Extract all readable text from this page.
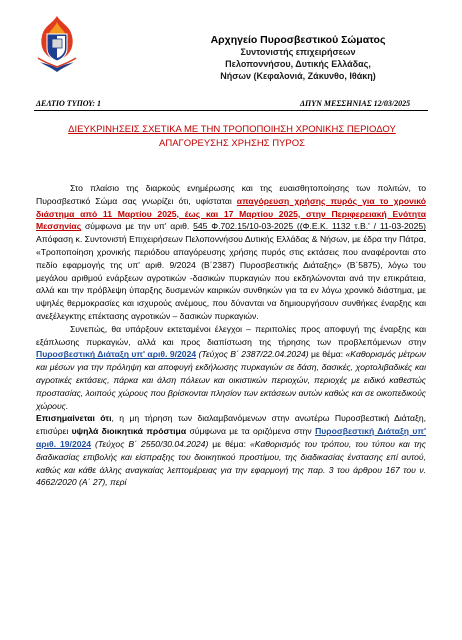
Αρχηγείο Πυροσβεστικού Σώματος
Συντονιστής επιχειρήσεων
Πελοποννήσου, Δυτικής Ελλάδας,
Νήσων (Κεφαλονιά, Ζάκυνθο, Ιθάκη)
ΔΕΛΤΙΟ ΤΥΠΟΥ: 1	ΔΠΥΝ ΜΕΣΣΗΝΙΑΣ 12/03/2025
ΔΙΕΥΚΡΙΝΗΣΕΙΣ ΣΧΕΤΙΚΑ ΜΕ ΤΗΝ ΤΡΟΠΟΠΟΙΗΣΗ ΧΡΟΝΙΚΗΣ ΠΕΡΙΟΔΟΥ
ΑΠΑΓΟΡΕΥΣΗΣ ΧΡΗΣΗΣ ΠΥΡΟΣ

Στο πλαίσιο της διαρκούς ενημέρωσης και της ευαισθητοποίησης των πολιτών, το Πυροσβεστικό Σώμα σας γνωρίζει ότι, υφίσταται απαγόρευση χρήσης πυρός για το χρονικό διάστημα από 11 Μαρτίου 2025, έως και 17 Μαρτίου 2025, στην Περιφερειακή Ενότητα Μεσσηνίας σύμφωνα με την υπ' αριθ. 545 Φ.702.15/10-03-2025 ((Φ.Ε.Κ. 1132 τ.Β.' / 11-03-2025) Απόφαση κ. Συντονιστή Επιχειρήσεων Πελοποννήσου Δυτικής Ελλάδας & Νήσων, με έδρα την Πάτρα, «Τροποποίηση χρονικής περιόδου απαγόρευσης χρήσης πυρός στις εκτάσεις που αναφέρονται στο πεδίο εφαρμογής της υπ' αριθ. 9/2024 (Β΄2387) Πυροσβεστικής Διάταξης» (Β΄5875), λόγω του μεγάλου αριθμού ενάρξεων αγροτικών -δασικών πυρκαγιών που εκδηλώνονται ανά την επικράτεια, αλλά και την πρόβλεψη ύπαρξης δυσμενών καιρικών συνθηκών για τα εν λόγω χρονικό διάστημα, με υψηλές θερμοκρασίες και ισχυρούς ανέμους, που δύνανται να δημιουργήσουν συνθήκες έναρξης και ανεξέλεγκτης επέκτασης αγροτικών – δασικών πυρκαγιών.

Συνεπώς, θα υπάρξουν εκτεταμένοι έλεγχοι – περιπολίες προς αποφυγή της έναρξης και εξάπλωσης πυρκαγιών, αλλά και προς διαπίστωση της τήρησης των προβλεπόμενων στην Πυροσβεστική Διάταξη υπ' αριθ. 9/2024 (Τεύχος Β΄ 2387/22.04.2024) με θέμα: «Καθορισμός μέτρων και μέσων για την πρόληψη και αποφυγή εκδήλωσης πυρκαγιών σε δάση, δασικές, χορτολιβαδικές και αγροτικές εκτάσεις, πάρκα και άλση πόλεων και οικιστικών περιοχών, περιοχές με ειδικό καθεστώς προστασίας, λοιπούς χώρους που βρίσκονται πλησίον των εκτάσεων αυτών καθώς και σε οικοπεδικούς χώρους.

Επισημαίνεται ότι, η μη τήρηση των διαλαμβανόμενων στην ανωτέρω Πυροσβεστική Διάταξη, επισύρει υψηλά διοικητικά πρόστιμα σύμφωνα με τα οριζόμενα στην Πυροσβεστική Διάταξη υπ' αριθ. 19/2024 (Τεύχος Β΄ 2550/30.04.2024) με θέμα: «Καθορισμός του τρόπου, του τύπου και της διαδικασίας επιβολής και είσπραξης του διοικητικού προστίμου, της διαδικασίας ένστασης επί αυτού, καθώς και κάθε άλλης αναγκαίας λεπτομέρειας για την εφαρμογή της παρ. 3 του άρθρου 167 του ν. 4662/2020 (Α΄ 27), περί
